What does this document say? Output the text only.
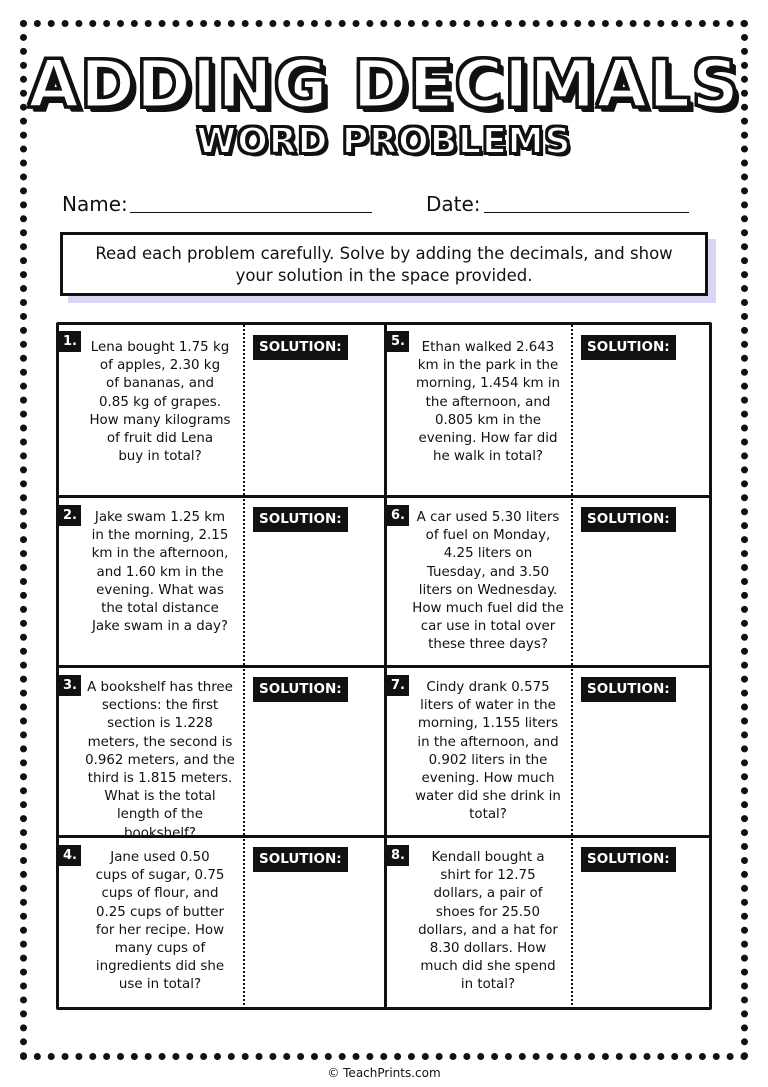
ADDING DECIMALS
WORD PROBLEMS
Name:	Date:
Read each problem carefully. Solve by adding the decimals, and show
your solution in the space provided.
1.	Lena bought 1.75 kg
of apples, 2.30 kg
of bananas, and
0.85 kg of grapes.
How many kilograms
of fruit did Lena
buy in total?
SOLUTION:
2.	Jake swam 1.25 km
in the morning, 2.15
km in the afternoon,
and 1.60 km in the
evening. What was
the total distance
Jake swam in a day?
SOLUTION:
3. A bookshelf has three
sections: the first
section is 1.228
meters, the second is
0.962 meters, and the
third is 1.815 meters.
What is the total
length of the
bookshelf?
SOLUTION:
4.	Jane used 0.50
cups of sugar, 0.75
cups of flour, and
0.25 cups of butter
for her recipe. How
many cups of
ingredients did she
use in total?
SOLUTION:
5.	Ethan walked 2.643
km in the park in the
morning, 1.454 km in
the afternoon, and
0.805 km in the
evening. How far did
he walk in total?
SOLUTION:
6. A car used 5.30 liters
of fuel on Monday,
4.25 liters on
Tuesday, and 3.50
liters on Wednesday.
How much fuel did the
car use in total over
these three days?
SOLUTION:
7.	Cindy drank 0.575
liters of water in the
morning, 1.155 liters
in the afternoon, and
0.902 liters in the
evening. How much
water did she drink in
total?
SOLUTION:
8.	Kendall bought a
shirt for 12.75
dollars, a pair of
shoes for 25.50
dollars, and a hat for
8.30 dollars. How
much did she spend
in total?
SOLUTION:
© TeachPrints.com
